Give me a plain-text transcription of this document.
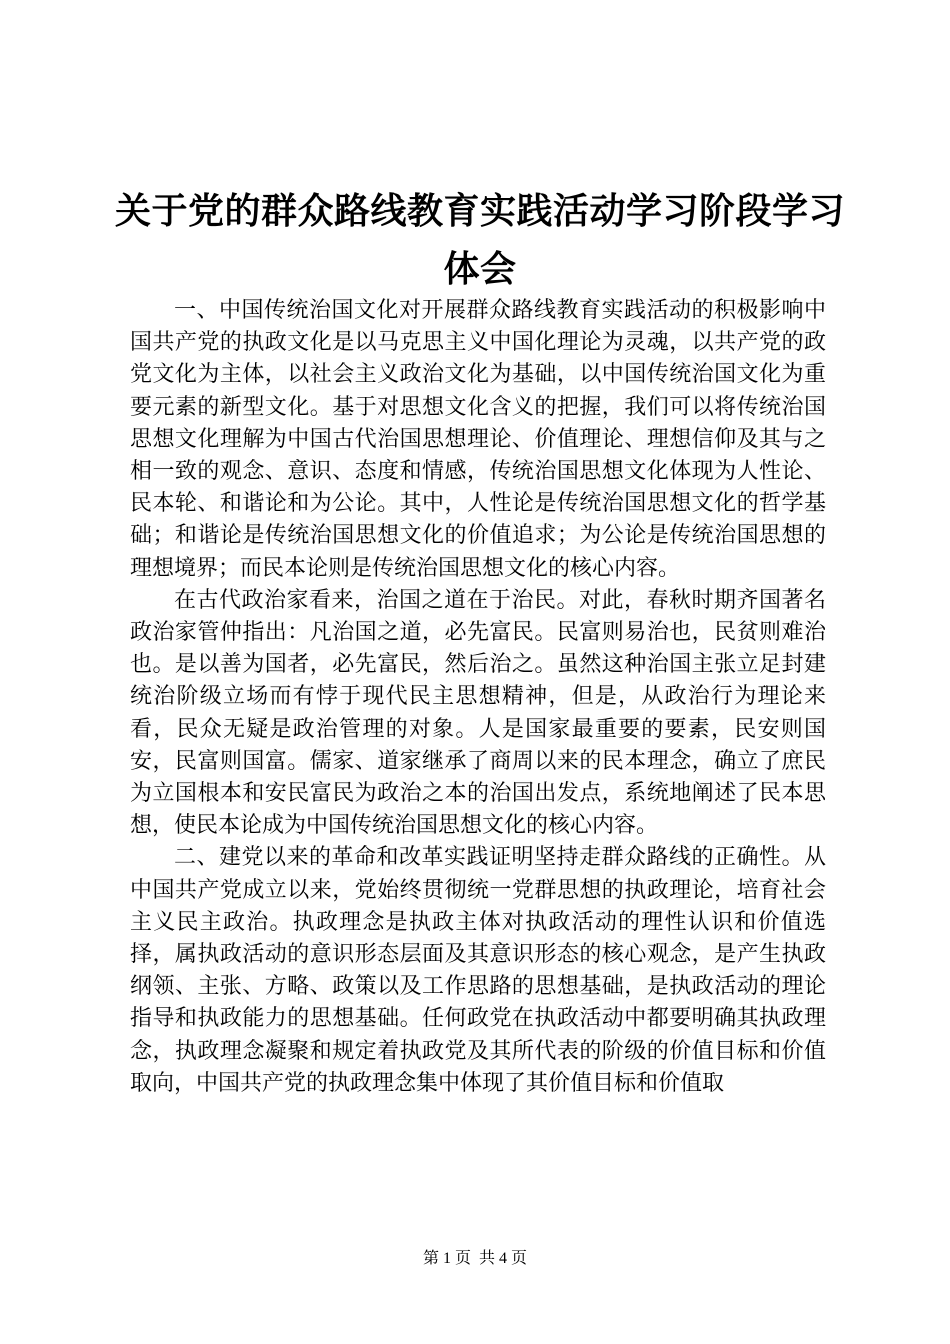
关于党的群众路线教育实践活动学习阶段学习体会

一、中国传统治国文化对开展群众路线教育实践活动的积极影响中国共产党的执政文化是以马克思主义中国化理论为灵魂，以共产党的政党文化为主体，以社会主义政治文化为基础，以中国传统治国文化为重要元素的新型文化。基于对思想文化含义的把握，我们可以将传统治国思想文化理解为中国古代治国思想理论、价值理论、理想信仰及其与之相一致的观念、意识、态度和情感，传统治国思想文化体现为人性论、民本轮、和谐论和为公论。其中，人性论是传统治国思想文化的哲学基础；和谐论是传统治国思想文化的价值追求；为公论是传统治国思想的理想境界；而民本论则是传统治国思想文化的核心内容。

在古代政治家看来，治国之道在于治民。对此，春秋时期齐国著名政治家管仲指出：凡治国之道，必先富民。民富则易治也，民贫则难治也。是以善为国者，必先富民，然后治之。虽然这种治国主张立足封建统治阶级立场而有悖于现代民主思想精神，但是，从政治行为理论来看，民众无疑是政治管理的对象。人是国家最重要的要素，民安则国安，民富则国富。儒家、道家继承了商周以来的民本理念，确立了庶民为立国根本和安民富民为政治之本的治国出发点，系统地阐述了民本思想，使民本论成为中国传统治国思想文化的核心内容。

二、建党以来的革命和改革实践证明坚持走群众路线的正确性。从中国共产党成立以来，党始终贯彻统一党群思想的执政理论，培育社会主义民主政治。执政理念是执政主体对执政活动的理性认识和价值选择，属执政活动的意识形态层面及其意识形态的核心观念，是产生执政纲领、主张、方略、政策以及工作思路的思想基础，是执政活动的理论指导和执政能力的思想基础。任何政党在执政活动中都要明确其执政理念，执政理念凝聚和规定着执政党及其所代表的阶级的价值目标和价值取向，中国共产党的执政理念集中体现了其价值目标和价值取

第 1 页  共 4 页
